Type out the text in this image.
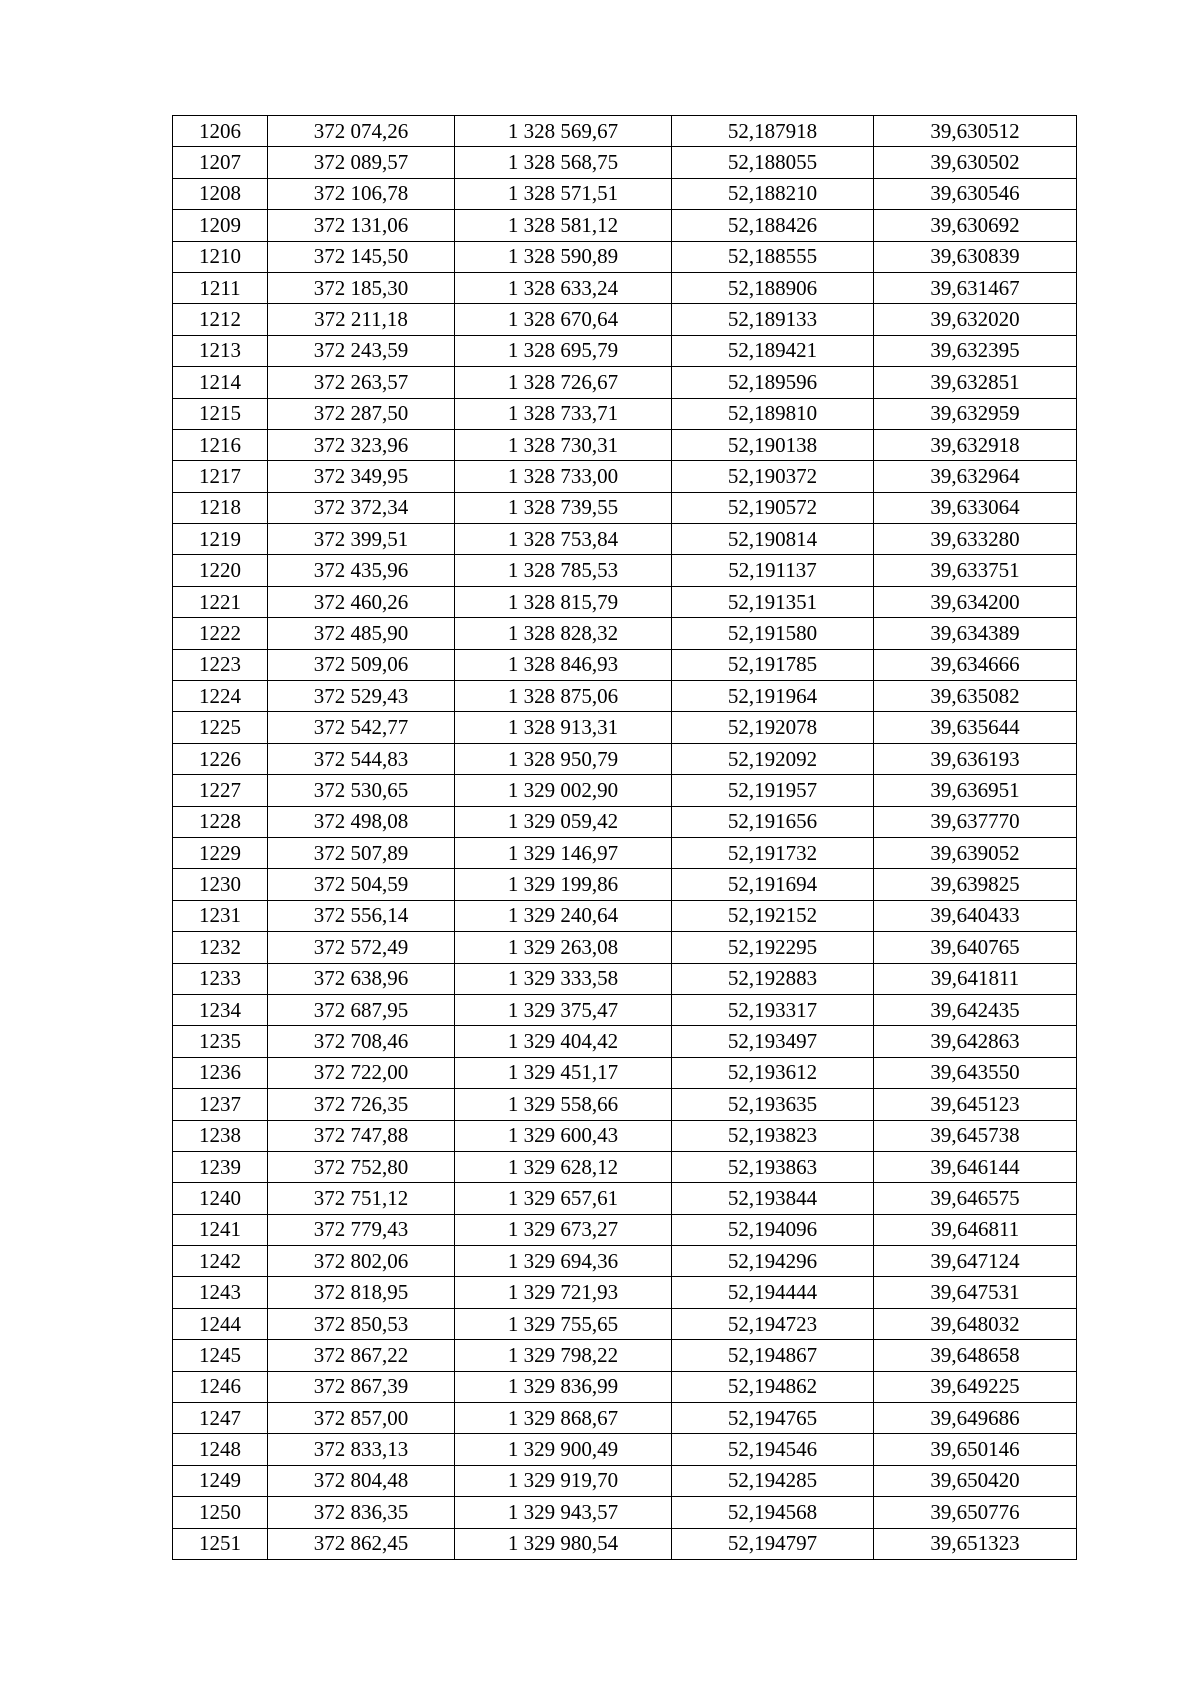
1206	372 074,26	1 328 569,67	52,187918	39,630512
1207	372 089,57	1 328 568,75	52,188055	39,630502
1208	372 106,78	1 328 571,51	52,188210	39,630546
1209	372 131,06	1 328 581,12	52,188426	39,630692
1210	372 145,50	1 328 590,89	52,188555	39,630839
1211	372 185,30	1 328 633,24	52,188906	39,631467
1212	372 211,18	1 328 670,64	52,189133	39,632020
1213	372 243,59	1 328 695,79	52,189421	39,632395
1214	372 263,57	1 328 726,67	52,189596	39,632851
1215	372 287,50	1 328 733,71	52,189810	39,632959
1216	372 323,96	1 328 730,31	52,190138	39,632918
1217	372 349,95	1 328 733,00	52,190372	39,632964
1218	372 372,34	1 328 739,55	52,190572	39,633064
1219	372 399,51	1 328 753,84	52,190814	39,633280
1220	372 435,96	1 328 785,53	52,191137	39,633751
1221	372 460,26	1 328 815,79	52,191351	39,634200
1222	372 485,90	1 328 828,32	52,191580	39,634389
1223	372 509,06	1 328 846,93	52,191785	39,634666
1224	372 529,43	1 328 875,06	52,191964	39,635082
1225	372 542,77	1 328 913,31	52,192078	39,635644
1226	372 544,83	1 328 950,79	52,192092	39,636193
1227	372 530,65	1 329 002,90	52,191957	39,636951
1228	372 498,08	1 329 059,42	52,191656	39,637770
1229	372 507,89	1 329 146,97	52,191732	39,639052
1230	372 504,59	1 329 199,86	52,191694	39,639825
1231	372 556,14	1 329 240,64	52,192152	39,640433
1232	372 572,49	1 329 263,08	52,192295	39,640765
1233	372 638,96	1 329 333,58	52,192883	39,641811
1234	372 687,95	1 329 375,47	52,193317	39,642435
1235	372 708,46	1 329 404,42	52,193497	39,642863
1236	372 722,00	1 329 451,17	52,193612	39,643550
1237	372 726,35	1 329 558,66	52,193635	39,645123
1238	372 747,88	1 329 600,43	52,193823	39,645738
1239	372 752,80	1 329 628,12	52,193863	39,646144
1240	372 751,12	1 329 657,61	52,193844	39,646575
1241	372 779,43	1 329 673,27	52,194096	39,646811
1242	372 802,06	1 329 694,36	52,194296	39,647124
1243	372 818,95	1 329 721,93	52,194444	39,647531
1244	372 850,53	1 329 755,65	52,194723	39,648032
1245	372 867,22	1 329 798,22	52,194867	39,648658
1246	372 867,39	1 329 836,99	52,194862	39,649225
1247	372 857,00	1 329 868,67	52,194765	39,649686
1248	372 833,13	1 329 900,49	52,194546	39,650146
1249	372 804,48	1 329 919,70	52,194285	39,650420
1250	372 836,35	1 329 943,57	52,194568	39,650776
1251	372 862,45	1 329 980,54	52,194797	39,651323
